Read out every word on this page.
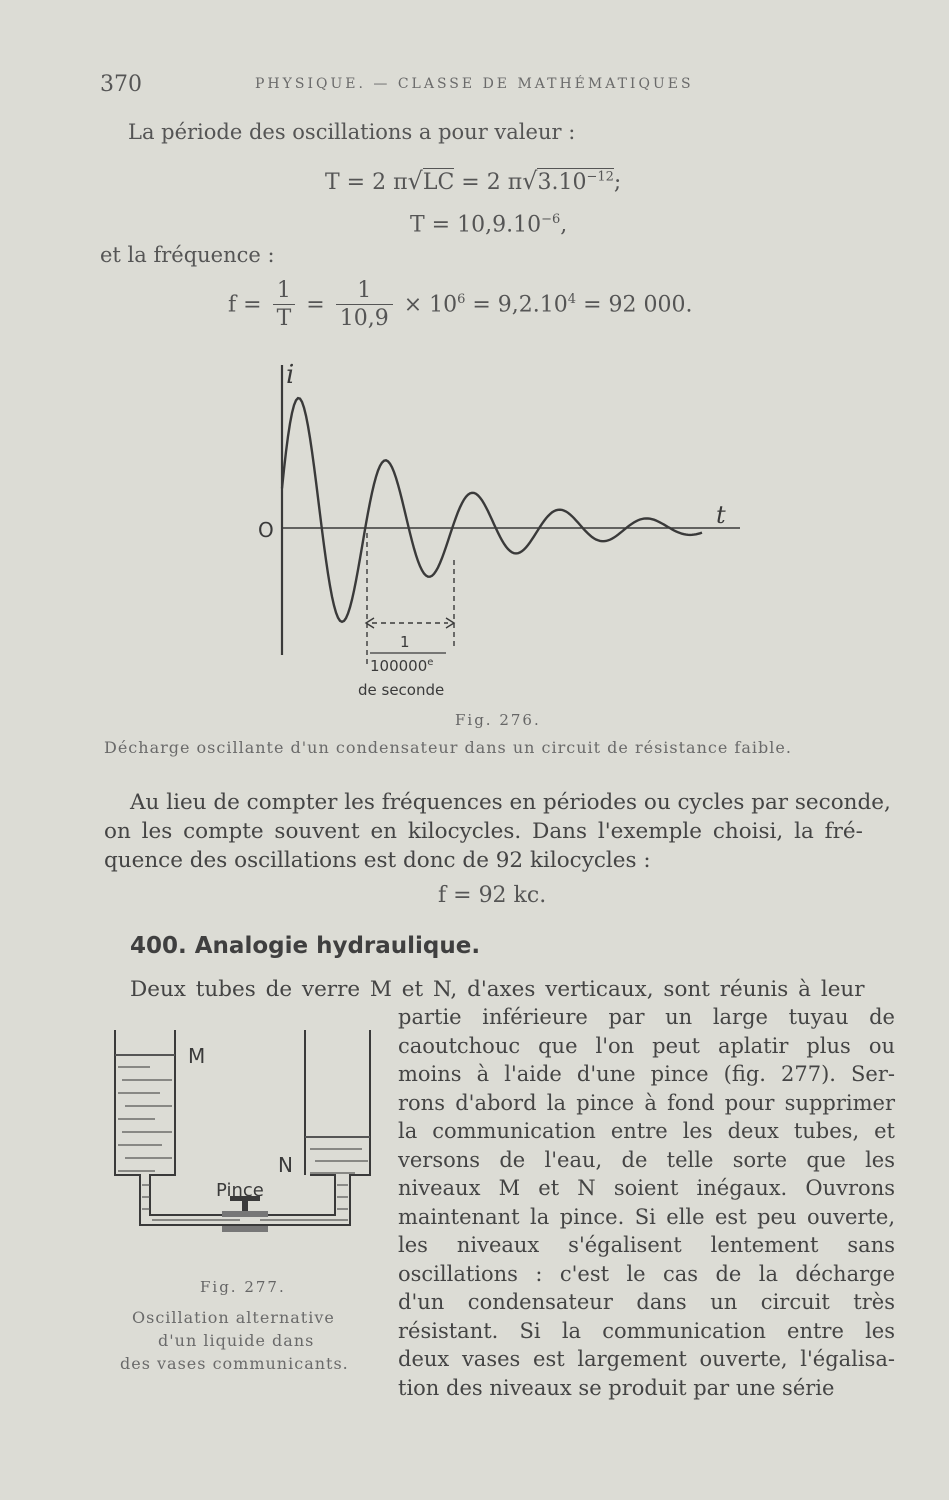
370	PHYSIQUE. — CLASSE DE MATHÉMATIQUES
La période des oscillations a pour valeur :
T = 2 π√LC = 2 $\pi√3.10^{-12}$;
$T = 10,9.10^{-6}$,
et la fréquence :
$f = \frac{1}{T} = \frac{1}{10,9} \times 10^6 = 9,2.10^4 = 92$ 000.
i
O
t
1
100000e
de seconde
Fig. 276.
Décharge oscillante d'un condensateur dans un circuit de résistance faible.
Au lieu de compter les fréquences en périodes ou cycles par seconde,
on les compte souvent en kilocycles. Dans l'exemple choisi, la fré-
quence des oscillations est donc de 92 kilocycles :
f = 92 kc.
400. Analogie hydraulique.
Deux tubes de verre M et N, d'axes verticaux, sont réunis à leur
partie inférieure par un large tuyau de
caoutchouc que l'on peut aplatir plus ou
moins à l'aide d'une pince (fig. 277). Ser-
rons d'abord la pince à fond pour supprimer
la communication entre les deux tubes, et
versons de l'eau, de telle sorte que les
niveaux M et N soient inégaux. Ouvrons
maintenant la pince. Si elle est peu ouverte,
les niveaux s'égalisent lentement sans
oscillations : c'est le cas de la décharge
d'un condensateur dans un circuit très
résistant. Si la communication entre les
deux vases est largement ouverte, l'égalisa-
tion des niveaux se produit par une série
M
N
Pince
Fig. 277.
Oscillation alternative
d'un liquide dans
des vases communicants.
